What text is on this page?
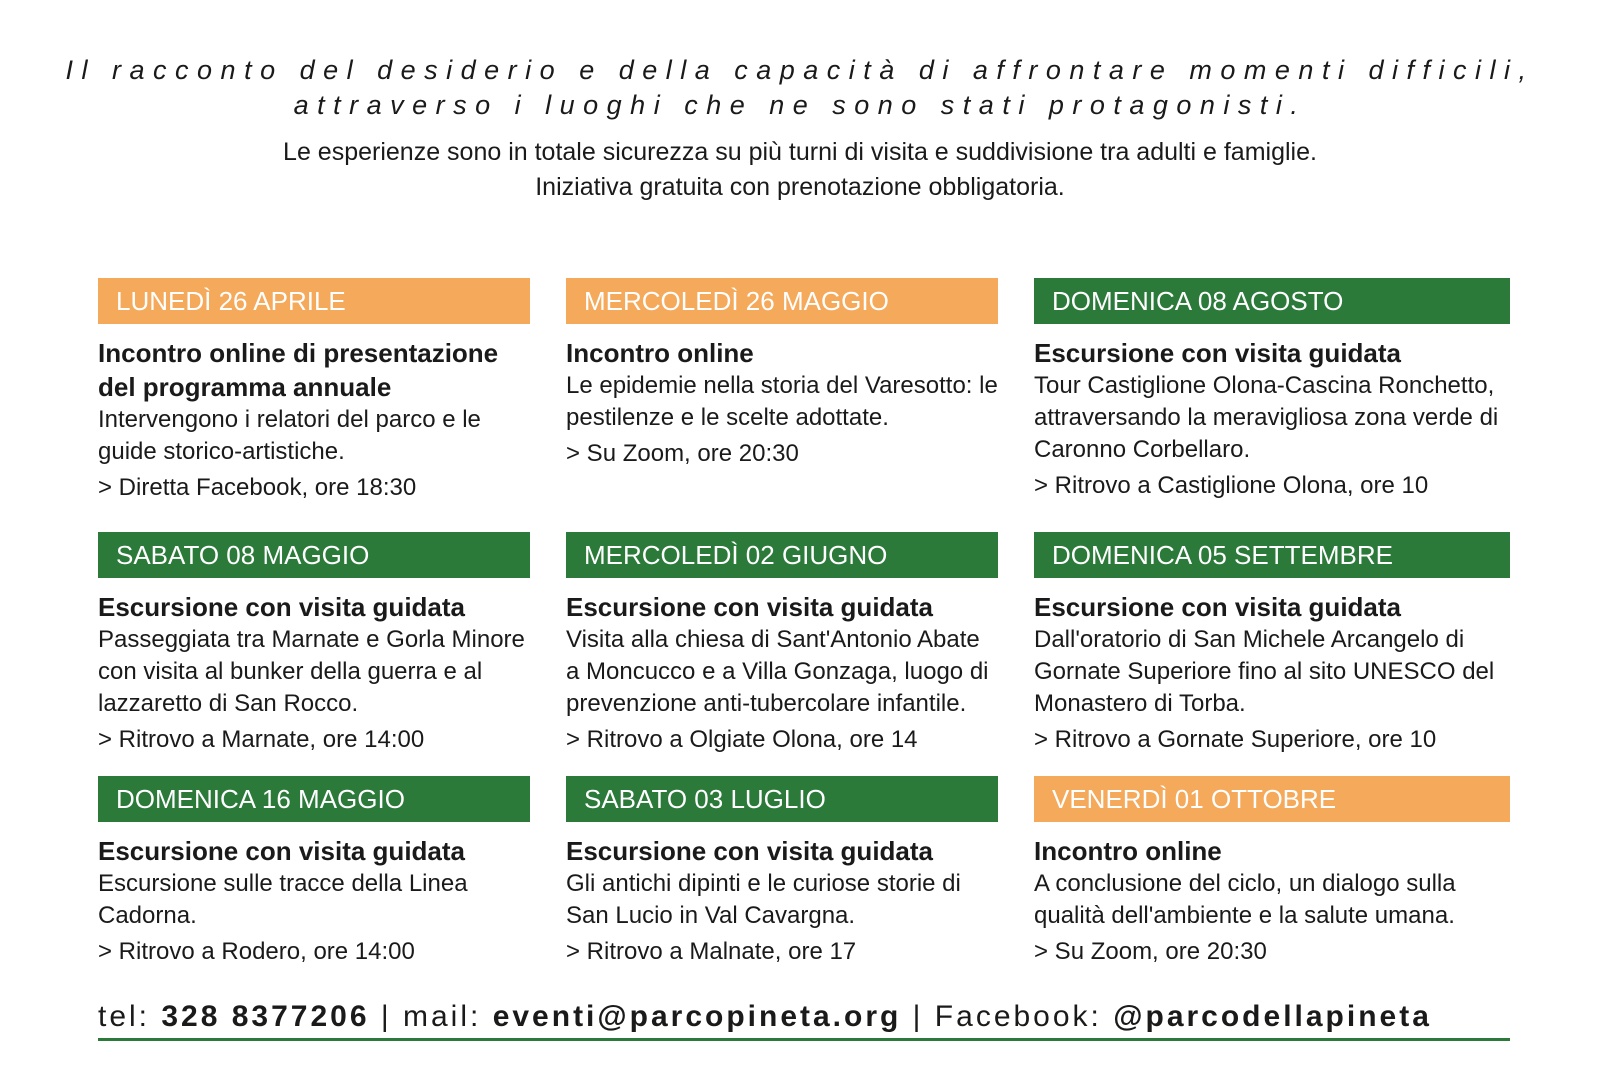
Il racconto del desiderio e della capacità di affrontare momenti difficili,

attraverso i luoghi che ne sono stati protagonisti.

Le esperienze sono in totale sicurezza su più turni di visita e suddivisione tra adulti e famiglie.

Iniziativa gratuita con prenotazione obbligatoria.

LUNEDÌ 26 APRILE
Incontro online di presentazione del programma annuale
Intervengono i relatori del parco e le guide storico-artistiche.
> Diretta Facebook, ore 18:30
SABATO 08 MAGGIO
Escursione con visita guidata
Passeggiata tra Marnate e Gorla Minore con visita al bunker della guerra e al lazzaretto di San Rocco.
> Ritrovo a Marnate, ore 14:00
DOMENICA 16 MAGGIO
Escursione con visita guidata
Escursione sulle tracce della Linea Cadorna.
> Ritrovo a Rodero, ore 14:00
MERCOLEDÌ 26 MAGGIO
Incontro online
Le epidemie nella storia del Varesotto: le pestilenze e le scelte adottate.
> Su Zoom, ore 20:30
MERCOLEDÌ 02 GIUGNO
Escursione con visita guidata
Visita alla chiesa di Sant'Antonio Abate a Moncucco e a Villa Gonzaga, luogo di prevenzione anti-tubercolare infantile.
> Ritrovo a Olgiate Olona, ore 14
SABATO 03 LUGLIO
Escursione con visita guidata
Gli antichi dipinti e le curiose storie di San Lucio in Val Cavargna.
> Ritrovo a Malnate, ore 17
DOMENICA 08 AGOSTO
Escursione con visita guidata
Tour Castiglione Olona-Cascina Ronchetto, attraversando la meravigliosa zona verde di Caronno Corbellaro.
> Ritrovo a Castiglione Olona, ore 10
DOMENICA 05 SETTEMBRE
Escursione con visita guidata
Dall'oratorio di San Michele Arcangelo di Gornate Superiore fino al sito UNESCO del Monastero di Torba.
> Ritrovo a Gornate Superiore, ore 10
VENERDÌ 01 OTTOBRE
Incontro online
A conclusione del ciclo, un dialogo sulla qualità dell'ambiente e la salute umana.
> Su Zoom, ore 20:30
tel: 328 8377206 | mail: eventi@parcopineta.org | Facebook: @parcodellapineta
